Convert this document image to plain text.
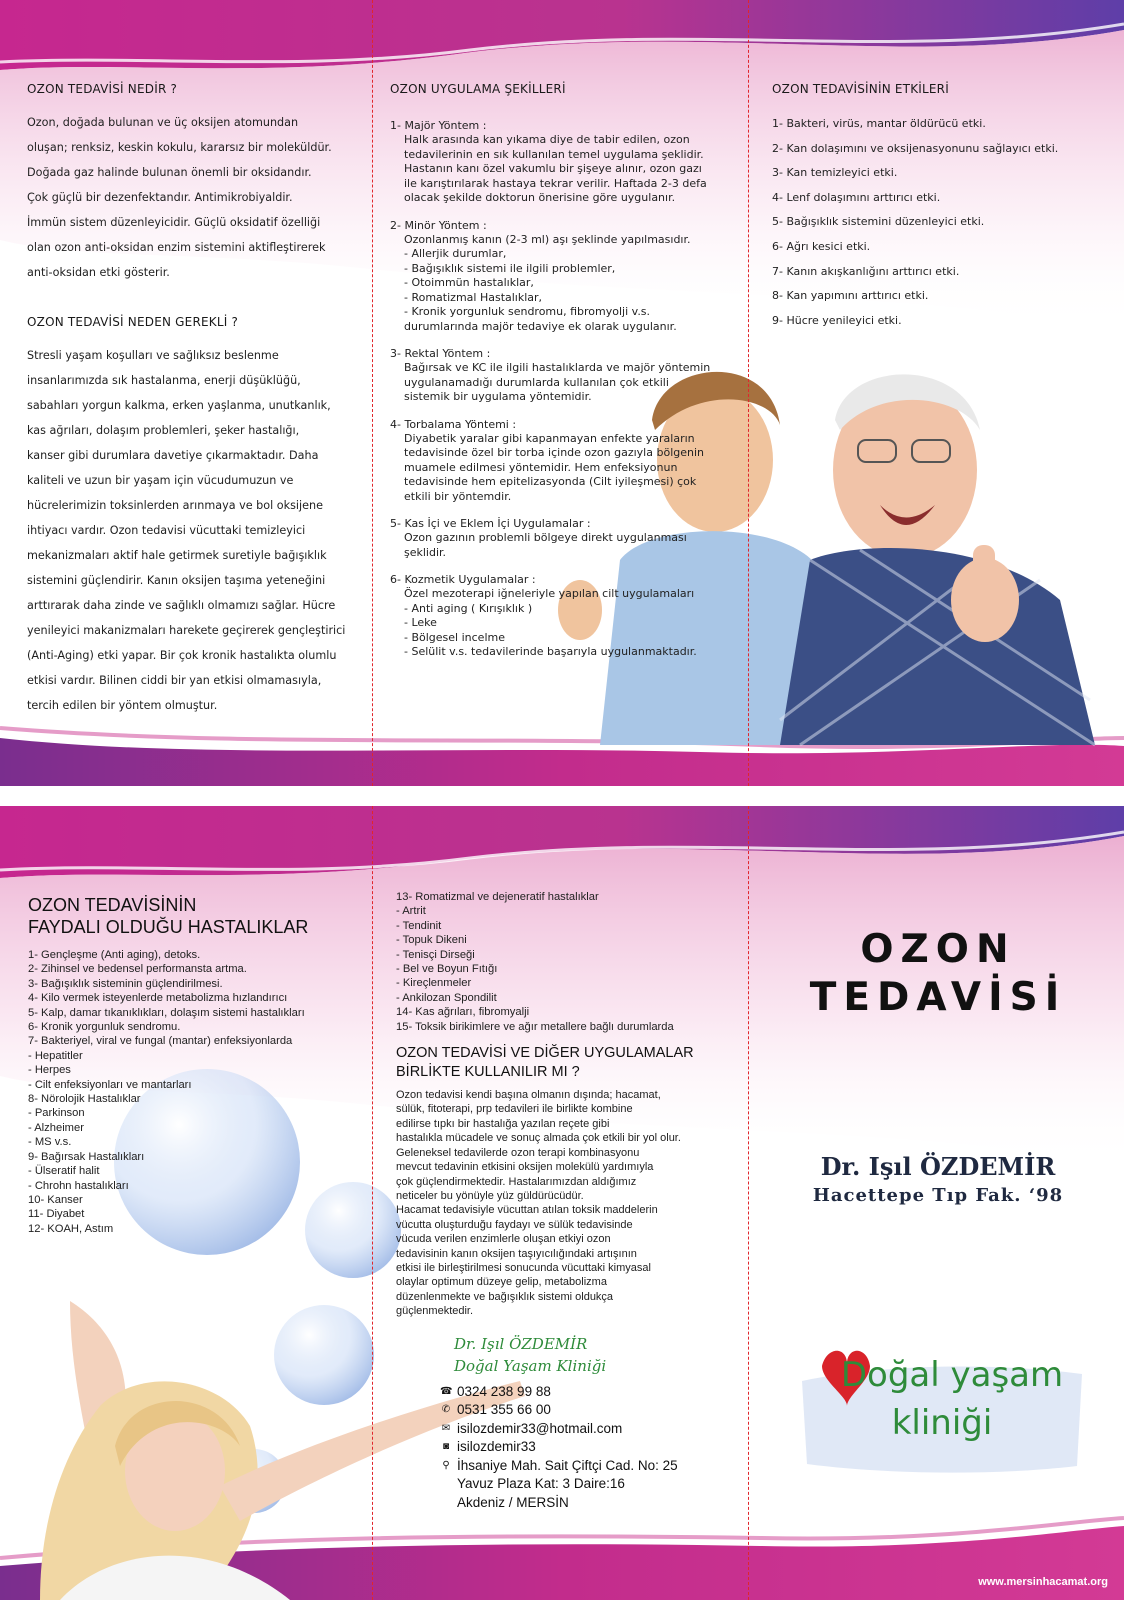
OZON TEDAVİSİ NEDİR ?

Ozon, doğada bulunan ve üç oksijen atomundan

oluşan; renksiz, keskin kokulu, kararsız bir moleküldür.

Doğada gaz halinde bulunan önemli bir oksidandır.

Çok güçlü bir dezenfektandır. Antimikrobiyaldir.

İmmün sistem düzenleyicidir. Güçlü oksidatif özelliği

olan ozon anti-oksidan enzim sistemini aktifleştirerek

anti-oksidan etki gösterir.

OZON TEDAVİSİ NEDEN GEREKLİ ?

Stresli yaşam koşulları ve sağlıksız beslenme

insanlarımızda sık hastalanma, enerji düşüklüğü,

sabahları yorgun kalkma, erken yaşlanma, unutkanlık,

kas ağrıları, dolaşım problemleri, şeker hastalığı,

kanser gibi durumlara davetiye çıkarmaktadır. Daha

kaliteli ve uzun bir yaşam için vücudumuzun ve

hücrelerimizin toksinlerden arınmaya ve bol oksijene

ihtiyacı vardır. Ozon tedavisi vücuttaki temizleyici

mekanizmaları aktif hale getirmek suretiyle bağışıklık

sistemini güçlendirir. Kanın oksijen taşıma yeteneğini

arttırarak daha zinde ve sağlıklı olmamızı sağlar. Hücre

yenileyici makanizmaları harekete geçirerek gençleştirici

(Anti-Aging) etki yapar. Bir çok kronik hastalıkta olumlu

etkisi vardır. Bilinen ciddi bir yan etkisi olmamasıyla,

tercih edilen bir yöntem olmuştur.

OZON UYGULAMA ŞEKİLLERİ

1- Majör Yöntem :

Halk arasında kan yıkama diye de tabir edilen, ozon

tedavilerinin en sık kullanılan temel uygulama şeklidir.

Hastanın kanı özel vakumlu bir şişeye alınır, ozon gazı

ile karıştırılarak hastaya tekrar verilir. Haftada 2-3 defa

olacak şekilde doktorun önerisine göre uygulanır.

2- Minör Yöntem :

Ozonlanmış kanın (2-3 ml) aşı şeklinde yapılmasıdır.

- Allerjik durumlar,

- Bağışıklık sistemi ile ilgili problemler,

- Otoimmün hastalıklar,

- Romatizmal Hastalıklar,

- Kronik yorgunluk sendromu, fibromyolji v.s.

durumlarında majör tedaviye ek olarak uygulanır.

3- Rektal Yöntem :

Bağırsak ve KC ile ilgili hastalıklarda ve majör yöntemin

uygulanamadığı durumlarda kullanılan çok etkili

sistemik bir uygulama yöntemidir.

4- Torbalama Yöntemi :

Diyabetik yaralar gibi kapanmayan enfekte yaraların

tedavisinde özel bir torba içinde ozon gazıyla bölgenin

muamele edilmesi yöntemidir. Hem enfeksiyonun

tedavisinde hem epitelizasyonda (Cilt iyileşmesi) çok

etkili bir yöntemdir.

5- Kas İçi ve Eklem İçi Uygulamalar :

Ozon gazının problemli bölgeye direkt uygulanması

şeklidir.

6- Kozmetik Uygulamalar :

Özel mezoterapi iğneleriyle yapılan cilt uygulamaları

- Anti aging ( Kırışıklık )

- Leke

- Bölgesel incelme

- Selülit v.s. tedavilerinde başarıyla uygulanmaktadır.

OZON TEDAVİSİNİN ETKİLERİ

1- Bakteri, virüs, mantar öldürücü etki.

2- Kan dolaşımını ve oksijenasyonunu sağlayıcı etki.

3- Kan temizleyici etki.

4- Lenf dolaşımını arttırıcı etki.

5- Bağışıklık sistemini düzenleyici etki.

6- Ağrı kesici etki.

7- Kanın akışkanlığını arttırıcı etki.

8- Kan yapımını arttırıcı etki.

9- Hücre yenileyici etki.

OZON TEDAVİSİNİN

FAYDALI OLDUĞU HASTALIKLAR

1- Gençleşme (Anti aging), detoks.

2- Zihinsel ve bedensel performansta artma.

3- Bağışıklık sisteminin güçlendirilmesi.

4- Kilo vermek isteyenlerde metabolizma hızlandırıcı

5- Kalp, damar tıkanıklıkları, dolaşım sistemi hastalıkları

6- Kronik yorgunluk sendromu.

7- Bakteriyel, viral ve fungal (mantar) enfeksiyonlarda

- Hepatitler

- Herpes

- Cilt enfeksiyonları ve mantarları

8- Nörolojik Hastalıklar

- Parkinson

- Alzheimer

- MS v.s.

9- Bağırsak Hastalıkları

- Ülseratif halit

- Chrohn hastalıkları

10- Kanser

11- Diyabet

12- KOAH, Astım

13- Romatizmal ve dejeneratif hastalıklar

- Artrit

- Tendinit

- Topuk Dikeni

- Tenisçi Dirseği

- Bel ve Boyun Fıtığı

- Kireçlenmeler

- Ankilozan Spondilit

14- Kas ağrıları, fibromyalji

15- Toksik birikimlere ve ağır metallere bağlı durumlarda

OZON TEDAVİSİ VE DİĞER UYGULAMALAR

BİRLİKTE KULLANILIR MI ?

Ozon tedavisi kendi başına olmanın dışında; hacamat,

sülük, fitoterapi, prp tedavileri ile birlikte kombine

edilirse tıpkı bir hastalığa yazılan reçete gibi

hastalıkla mücadele ve sonuç almada çok etkili bir yol olur.

Geleneksel tedavilerde ozon terapi kombinasyonu

mevcut tedavinin etkisini oksijen molekülü yardımıyla

çok güçlendirmektedir. Hastalarımızdan aldığımız

neticeler bu yönüyle yüz güldürücüdür.

Hacamat tedavisiyle vücuttan atılan toksik maddelerin

vücutta oluşturduğu faydayı ve sülük tedavisinde

vücuda verilen enzimlerle oluşan etkiyi ozon

tedavisinin kanın oksijen taşıyıcılığındaki artışının

etkisi ile birleştirilmesi sonucunda vücuttaki kimyasal

olaylar optimum düzeye gelip, metabolizma

düzenlenmekte ve bağışıklık sistemi oldukça

güçlenmektedir.

Dr. Işıl ÖZDEMİR
Doğal Yaşam Kliniği
☎ 0324 238 99 88
✆ 0531 355 66 00
✉ isilozdemir33@hotmail.com
◙ isilozdemir33
⚲ İhsaniye Mah. Sait Çiftçi Cad. No: 25
Yavuz Plaza Kat: 3 Daire:16
Akdeniz / MERSİN
OZON
TEDAVİSİ
Dr. Işıl ÖZDEMİR
Hacettepe Tıp Fak. ‘98
Doğal yaşam
kliniği
www.mersinhacamat.org
